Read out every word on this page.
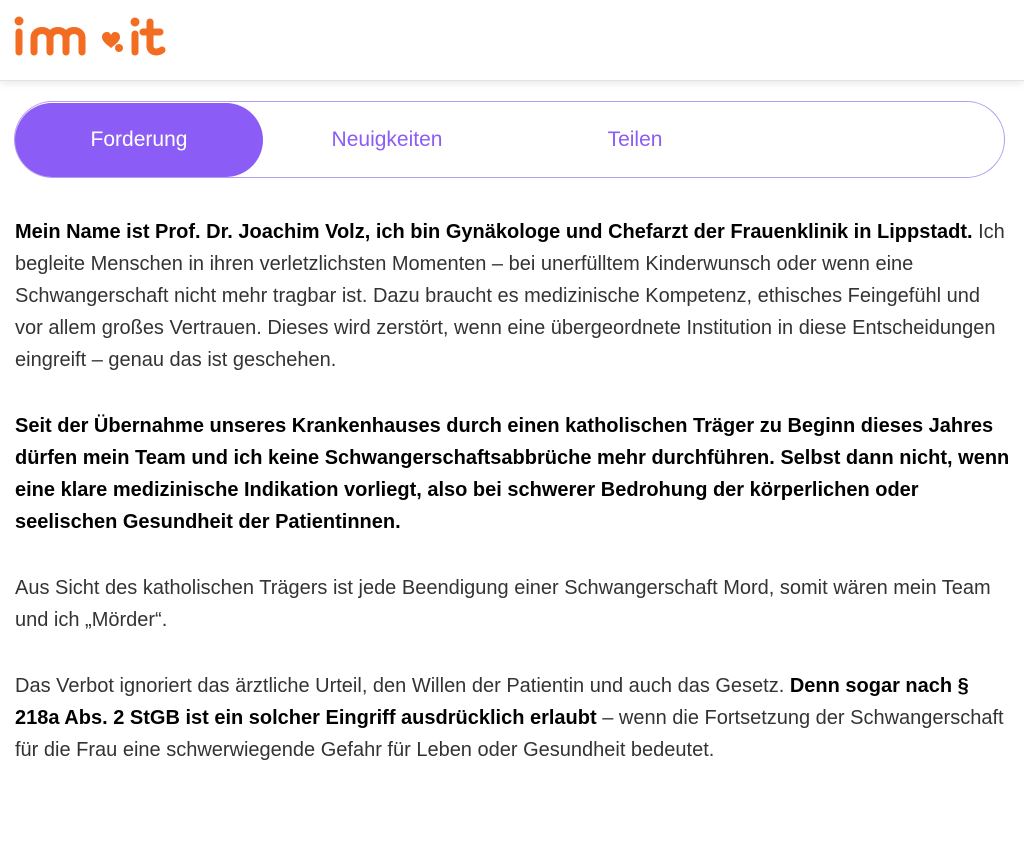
Forderung	Neuigkeiten	Teilen

Mein Name ist Prof. Dr. Joachim Volz, ich bin Gynäkologe und Chefarzt der Frauenklinik in Lippstadt. Ich begleite Menschen in ihren verletzlichsten Momenten – bei unerfülltem Kinderwunsch oder wenn eine Schwangerschaft nicht mehr tragbar ist. Dazu braucht es medizinische Kompetenz, ethisches Feingefühl und vor allem großes Vertrauen. Dieses wird zerstört, wenn eine übergeordnete Institution in diese Entscheidungen eingreift – genau das ist geschehen.

Seit der Übernahme unseres Krankenhauses durch einen katholischen Träger zu Beginn dieses Jahres dürfen mein Team und ich keine Schwangerschaftsabbrüche mehr durchführen. Selbst dann nicht, wenn eine klare medizinische Indikation vorliegt, also bei schwerer Bedrohung der körperlichen oder seelischen Gesundheit der Patientinnen.

Aus Sicht des katholischen Trägers ist jede Beendigung einer Schwangerschaft Mord, somit wären mein Team und ich „Mörder“.

Das Verbot ignoriert das ärztliche Urteil, den Willen der Patientin und auch das Gesetz. Denn sogar nach § 218a Abs. 2 StGB ist ein solcher Eingriff ausdrücklich erlaubt – wenn die Fortsetzung der Schwangerschaft für die Frau eine schwerwiegende Gefahr für Leben oder Gesundheit bedeutet.
